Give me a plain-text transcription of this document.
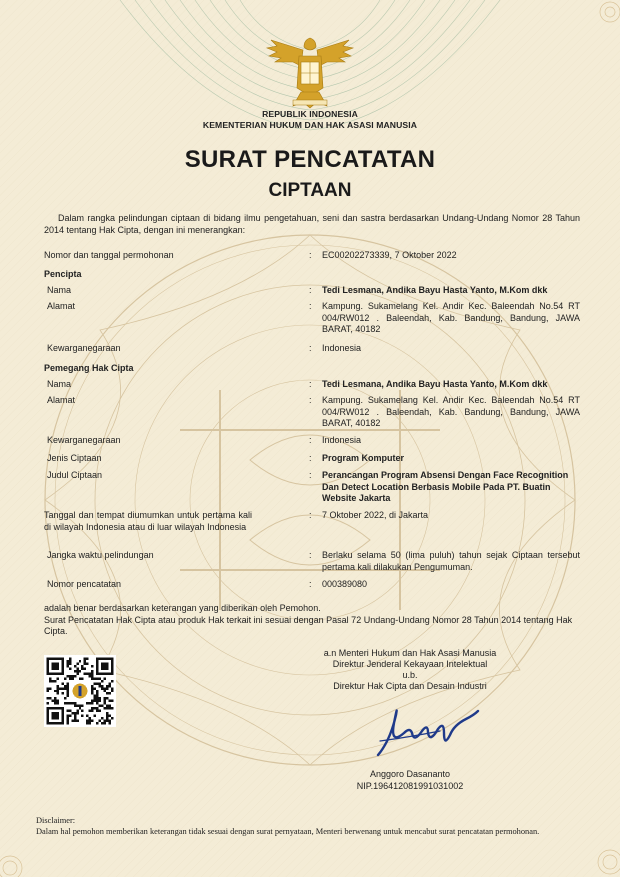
REPUBLIK INDONESIA
KEMENTERIAN HUKUM DAN HAK ASASI MANUSIA
SURAT PENCATATAN
CIPTAAN
Dalam rangka pelindungan ciptaan di bidang ilmu pengetahuan, seni dan sastra berdasarkan Undang-Undang Nomor 28 Tahun 2014 tentang Hak Cipta, dengan ini menerangkan:
Nomor dan tanggal permohonan	: EC00202273339, 7 Oktober 2022
Pencipta
Nama	: Tedi Lesmana, Andika Bayu Hasta Yanto, M.Kom dkk
Alamat	: Kampung. Sukamelang Kel. Andir Kec. Baleendah No.54 RT 004/RW012 . Baleendah, Kab. Bandung, Bandung, JAWA BARAT, 40182
Kewarganegaraan	: Indonesia
Pemegang Hak Cipta
Nama	: Tedi Lesmana, Andika Bayu Hasta Yanto, M.Kom dkk
Alamat	: Kampung. Sukamelang Kel. Andir Kec. Baleendah No.54 RT 004/RW012 . Baleendah, Kab. Bandung, Bandung, JAWA BARAT, 40182
Kewarganegaraan	: Indonesia
Jenis Ciptaan	: Program Komputer
Judul Ciptaan	: Perancangan Program Absensi Dengan Face Recognition Dan Detect Location Berbasis Mobile Pada PT. Buatin Website Jakarta
Tanggal dan tempat diumumkan untuk pertama kali di wilayah Indonesia atau di luar wilayah Indonesia
: 7 Oktober 2022, di Jakarta
Jangka waktu pelindungan	: Berlaku selama 50 (lima puluh) tahun sejak Ciptaan tersebut pertama kali dilakukan Pengumuman.
Nomor pencatatan	: 000389080
adalah benar berdasarkan keterangan yang diberikan oleh Pemohon.
Surat Pencatatan Hak Cipta atau produk Hak terkait ini sesuai dengan Pasal 72 Undang-Undang Nomor 28 Tahun 2014 tentang Hak Cipta.
a.n Menteri Hukum dan Hak Asasi Manusia
Direktur Jenderal Kekayaan Intelektual
u.b.
Direktur Hak Cipta dan Desain Industri
Anggoro Dasananto
NIP.196412081991031002
Disclaimer:
Dalam hal pemohon memberikan keterangan tidak sesuai dengan surat pernyataan, Menteri berwenang untuk mencabut surat pencatatan permohonan.
